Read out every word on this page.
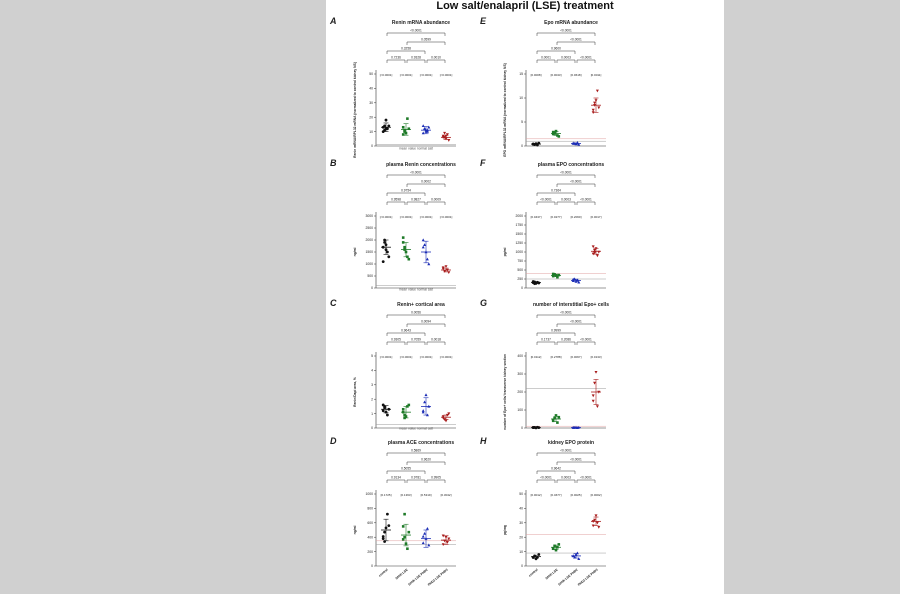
Low salt/enalapril (LSE) treatment
A	Renin mRNA abundance
0.7236	0.9328	0.0010
0.3258
0.0599
<0.0001
0
10
20
30
40
50
Renin mRNA/RPL32 mRNA (normalized to control kidney NS)	mean value normal salt
[<0.0001] [<0.0001] [<0.0001] [<0.0001]
B	plasma Renin concentrations
0.9598	0.9827	0.0009
0.9754
0.0002
<0.0001
0
500
1000
1500
2000
2500
3000
ng/ml
mean value normal salt
[<0.0001] [<0.0001] [<0.0001] [<0.0001]
C	Renin+ cortical area
0.9305	0.7059	0.0018
0.9643
0.0094
0.0056
0
1
2
3
4
5
Renin/Dapi area, %
mean value normal salt
[<0.0001] [<0.0001] [<0.0001] [<0.0001]
D	plasma ACE concentrations
0.9134	0.9781	0.9905
0.5055
0.9620
0.5869
0
200
400
600
800
1000
ng/ml
[0.1725]	[0.1363]	[0.5319]	[0.3042]
control Sf#th LSE
Sf#th LSE PHD2
PHD2 LSE PHD3
E	Epo mRNA abundance
0.0001	0.0003	<0.0001
0.9600
<0.0001
<0.0001
0
5
10
15
EPO mRNA/RPL32 mRNA (normalized to control kidney NS)	[0.0008]	[0.0043]	[0.0618]	[0.0011]
F	plasma EPO concentrations
<0.0001	0.0003	<0.0001
0.7364
<0.0001
<0.0001
0
250
500
750
1000
1250
1500
1750
2000
pg/ml
[0.0437]	[0.0277]	[0.2060]	[0.0017]
G	number of interstitial Epo+ cells
0.1737	0.2086	<0.0001
0.9999
<0.0001
<0.0001
0
100
200
300
400
number of Epo+ cells/ transverse kidney section	[0.0112]	[0.2788]	[0.0067]	[0.0133]
H	kidney EPO protein
<0.0001	0.0003	<0.0001
0.9642
<0.0001
<0.0001
0
10
20
30
40
50
pg/mg
[0.0012]	[0.4677]	[0.0025]	[0.0002]
control Sf#th LSE
Sf#th LSE PHD2
PHD2 LSE PHD3
